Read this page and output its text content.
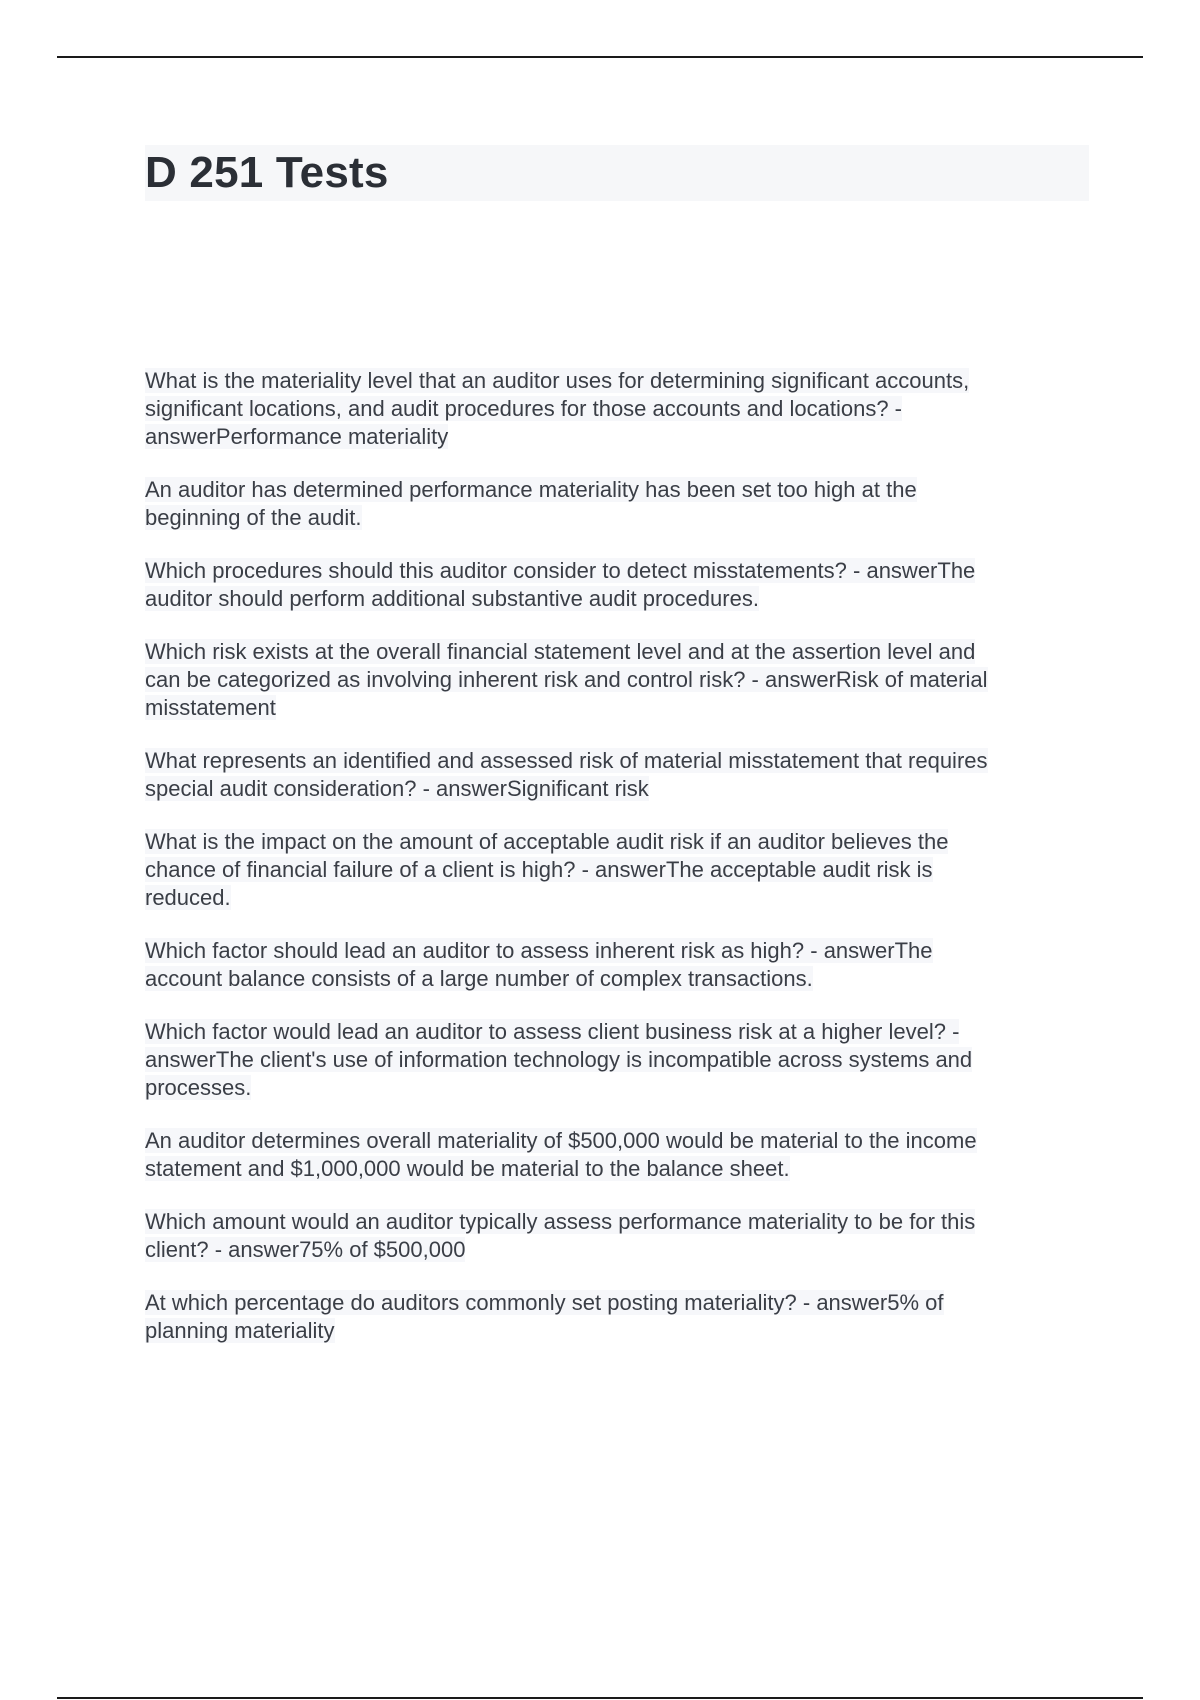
D 251 Tests

What is the materiality level that an auditor uses for determining significant accounts,
significant locations, and audit procedures for those accounts and locations? -
answerPerformance materiality

An auditor has determined performance materiality has been set too high at the
beginning of the audit.

Which procedures should this auditor consider to detect misstatements? - answerThe
auditor should perform additional substantive audit procedures.

Which risk exists at the overall financial statement level and at the assertion level and
can be categorized as involving inherent risk and control risk? - answerRisk of material
misstatement

What represents an identified and assessed risk of material misstatement that requires
special audit consideration? - answerSignificant risk

What is the impact on the amount of acceptable audit risk if an auditor believes the
chance of financial failure of a client is high? - answerThe acceptable audit risk is
reduced.

Which factor should lead an auditor to assess inherent risk as high? - answerThe
account balance consists of a large number of complex transactions.

Which factor would lead an auditor to assess client business risk at a higher level? -
answerThe client's use of information technology is incompatible across systems and
processes.

An auditor determines overall materiality of $500,000 would be material to the income
statement and $1,000,000 would be material to the balance sheet.

Which amount would an auditor typically assess performance materiality to be for this
client? - answer75% of $500,000

At which percentage do auditors commonly set posting materiality? - answer5% of
planning materiality
